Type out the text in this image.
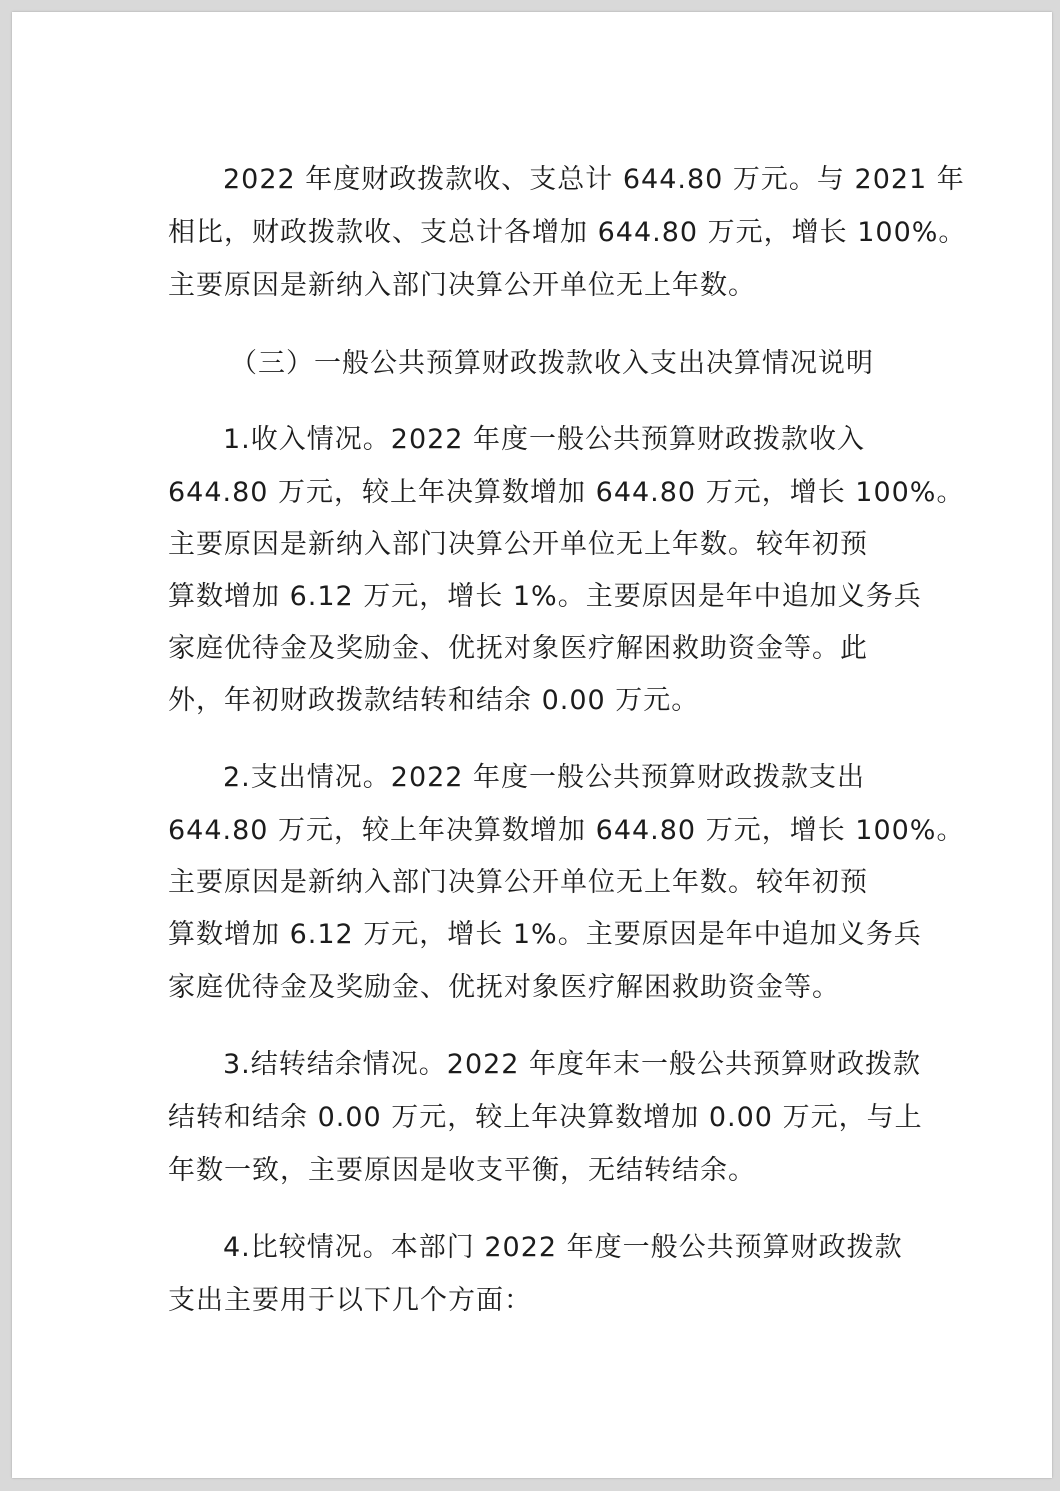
2022 年度财政拨款收、支总计 644.80 万元。与 2021 年
相比，财政拨款收、支总计各增加 644.80 万元，增长 100%。
主要原因是新纳入部门决算公开单位无上年数。
（三）一般公共预算财政拨款收入支出决算情况说明
1.收入情况。2022 年度一般公共预算财政拨款收入
644.80 万元，较上年决算数增加 644.80 万元，增长 100%。
主要原因是新纳入部门决算公开单位无上年数。较年初预
算数增加 6.12 万元，增长 1%。主要原因是年中追加义务兵
家庭优待金及奖励金、优抚对象医疗解困救助资金等。此
外，年初财政拨款结转和结余 0.00 万元。
2.支出情况。2022 年度一般公共预算财政拨款支出
644.80 万元，较上年决算数增加 644.80 万元，增长 100%。
主要原因是新纳入部门决算公开单位无上年数。较年初预
算数增加 6.12 万元，增长 1%。主要原因是年中追加义务兵
家庭优待金及奖励金、优抚对象医疗解困救助资金等。
3.结转结余情况。2022 年度年末一般公共预算财政拨款
结转和结余 0.00 万元，较上年决算数增加 0.00 万元，与上
年数一致，主要原因是收支平衡，无结转结余。
4.比较情况。本部门 2022 年度一般公共预算财政拨款
支出主要用于以下几个方面：
